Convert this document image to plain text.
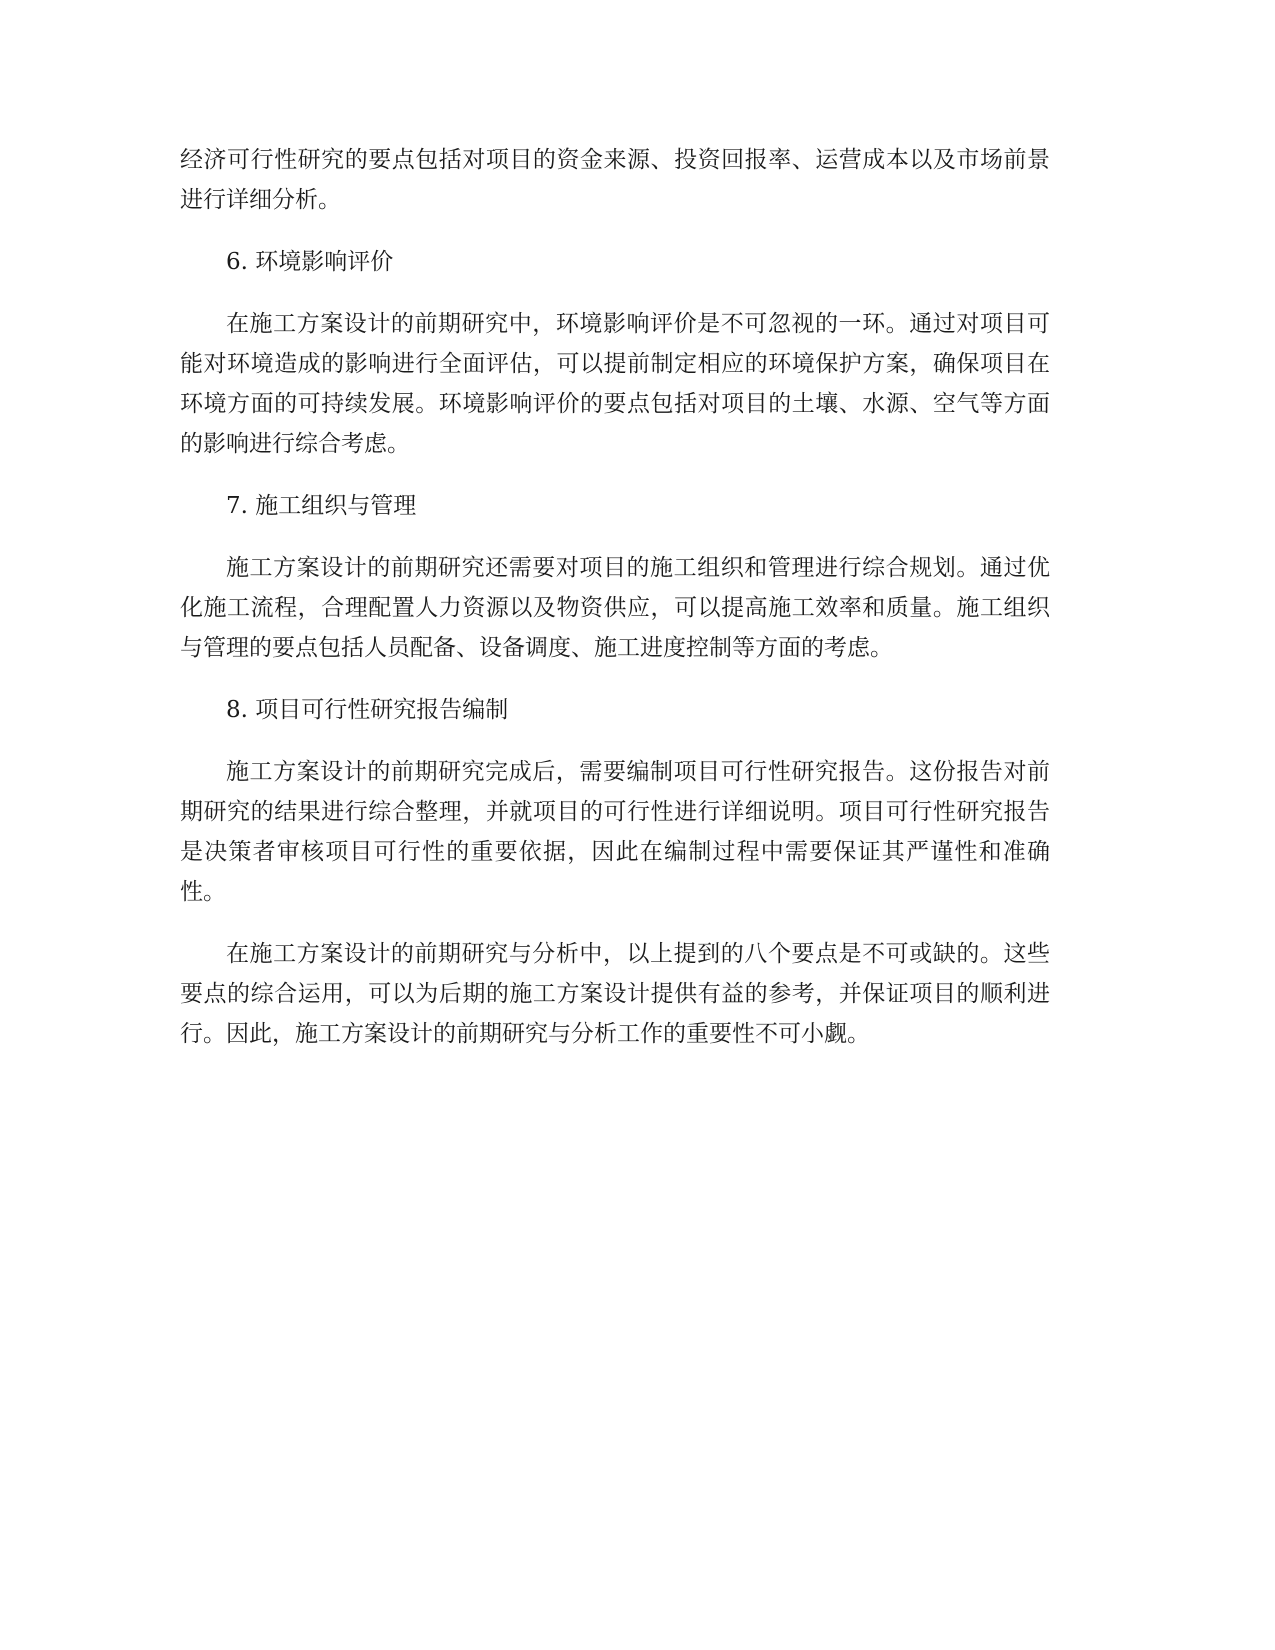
经济可行性研究的要点包括对项目的资金来源、投资回报率、运营成本以及市场前景进行详细分析。

6. 环境影响评价

在施工方案设计的前期研究中，环境影响评价是不可忽视的一环。通过对项目可能对环境造成的影响进行全面评估，可以提前制定相应的环境保护方案，确保项目在环境方面的可持续发展。环境影响评价的要点包括对项目的土壤、水源、空气等方面的影响进行综合考虑。

7. 施工组织与管理

施工方案设计的前期研究还需要对项目的施工组织和管理进行综合规划。通过优化施工流程，合理配置人力资源以及物资供应，可以提高施工效率和质量。施工组织与管理的要点包括人员配备、设备调度、施工进度控制等方面的考虑。

8. 项目可行性研究报告编制

施工方案设计的前期研究完成后，需要编制项目可行性研究报告。这份报告对前期研究的结果进行综合整理，并就项目的可行性进行详细说明。项目可行性研究报告是决策者审核项目可行性的重要依据，因此在编制过程中需要保证其严谨性和准确性。

在施工方案设计的前期研究与分析中，以上提到的八个要点是不可或缺的。这些要点的综合运用，可以为后期的施工方案设计提供有益的参考，并保证项目的顺利进行。因此，施工方案设计的前期研究与分析工作的重要性不可小觑。
